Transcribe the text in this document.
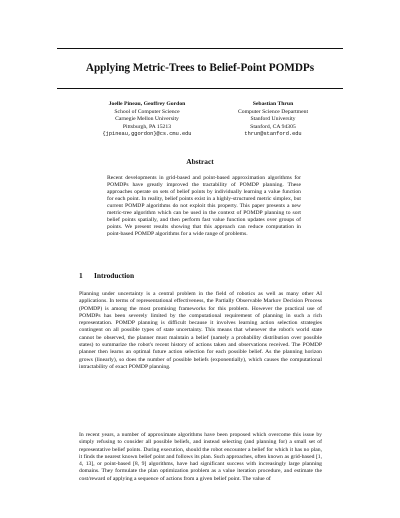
Applying Metric-Trees to Belief-Point POMDPs
Joelle Pineau, Geoffrey Gordon
School of Computer Science
Carnegie Mellon University
Pittsburgh, PA 15213
{jpineau,ggordon}@cs.cmu.edu
Sebastian Thrun
Computer Science Department
Stanford University
Stanford, CA 94305
thrun@stanford.edu
Abstract

Recent developments in grid-based and point-based approximation algorithms for POMDPs have greatly improved the tractability of POMDP planning. These approaches operate on sets of belief points by individually learning a value function for each point. In reality, belief points exist in a highly-structured metric simplex, but current POMDP algorithms do not exploit this property. This paper presents a new metric-tree algorithm which can be used in the context of POMDP planning to sort belief points spatially, and then perform fast value function updates over groups of points. We present results showing that this approach can reduce computation in point-based POMDP algorithms for a wide range of problems.

1 Introduction

Planning under uncertainty is a central problem in the field of robotics as well as many other AI applications. In terms of representational effectiveness, the Partially Observable Markov Decision Process (POMDP) is among the most promising frameworks for this problem. However the practical use of POMDPs has been severely limited by the computational requirement of planning in such a rich representation. POMDP planning is difficult because it involves learning action selection strategies contingent on all possible types of state uncertainty. This means that whenever the robot's world state cannot be observed, the planner must maintain a belief (namely a probability distribution over possible states) to summarize the robot's recent history of actions taken and observations received. The POMDP planner then learns an optimal future action selection for each possible belief. As the planning horizon grows (linearly), so does the number of possible beliefs (exponentially), which causes the computational intractability of exact POMDP planning.

In recent years, a number of approximate algorithms have been proposed which overcome this issue by simply refusing to consider all possible beliefs, and instead selecting (and planning for) a small set of representative belief points. During execution, should the robot encounter a belief for which it has no plan, it finds the nearest known belief point and follows its plan. Such approaches, often known as grid-based [1, 4, 13], or point-based [8, 9] algorithms, have had significant success with increasingly large planning domains. They formulate the plan optimization problem as a value iteration procedure, and estimate the cost/reward of applying a sequence of actions from a given belief point. The value of
